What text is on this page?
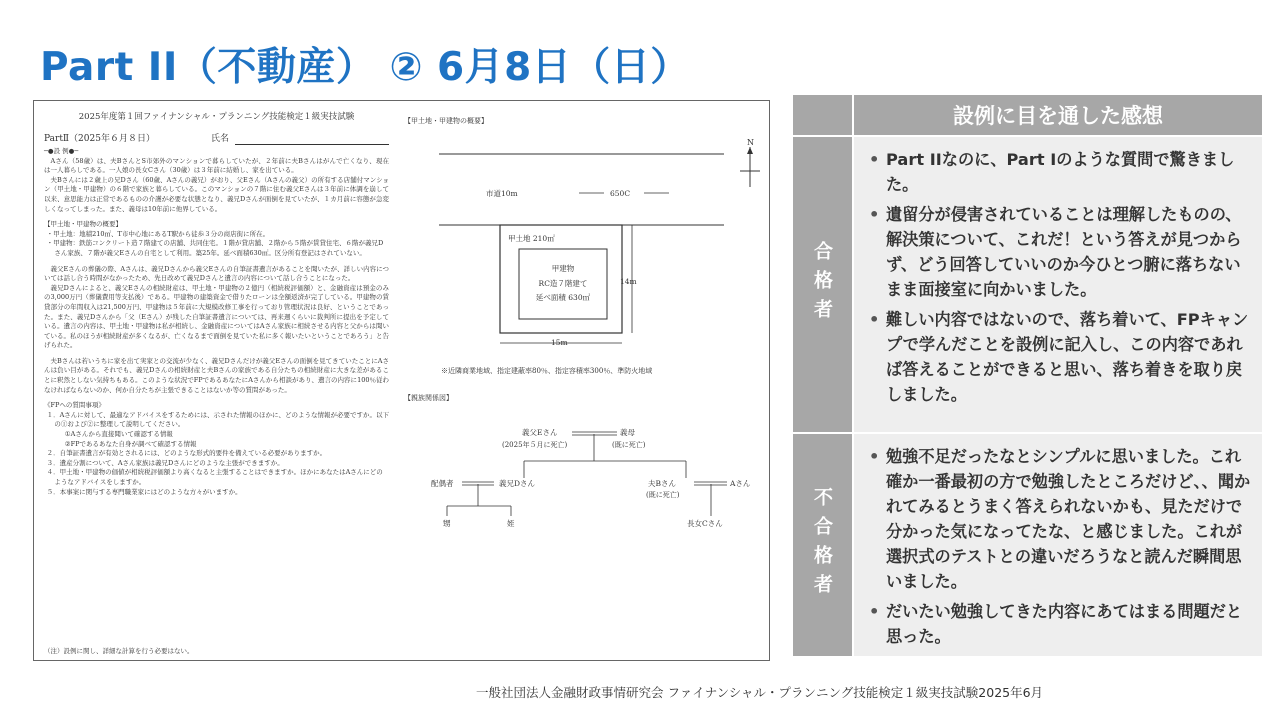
Part II（不動産） ② 6月8日（日）
2025年度第１回ファイナンシャル・プランニング技能検定１級実技試験
PartⅡ（2025年６月８日）	氏名
─●設 例●─

Aさん（58歳）は、夫BさんとS市郊外のマンションで暮らしていたが、２年前に夫Bさんはがんで亡くなり、現在は一人暮らしである。一人娘の長女Cさん（30歳）は３年前に結婚し、家を出ている。

夫Bさんには２歳上の兄Dさん（60歳、Aさんの義兄）がおり、父Eさん（Aさんの義父）の所有する店舗付マンション（甲土地・甲建物）の６階で家族と暮らしている。このマンションの７階に住む義父Eさんは３年前に体調を崩して以来、意思能力は正常であるものの介護が必要な状態となり、義兄Dさんが面倒を見ていたが、１カ月前に容態が急変しくなってしまった。また、義母は10年前に他界している。

【甲土地・甲建物の概要】
・甲土地：地積210㎡、T市中心地にあるT駅から徒歩３分の商店街に所在。
・甲建物：鉄筋コンクリート造７階建ての店舗、共同住宅。１階が貸店舗、２階から５階が賃貸住宅、６階が義兄Dさん家族、７階が義父Eさんの自宅として利用。築25年。延べ面積630㎡。区分所有登記はされていない。

義父Eさんの葬儀の際、Aさんは、義兄Dさんから義父Eさんの自筆証書遺言があることを聞いたが、詳しい内容については話し合う時間がなかったため、先日改めて義兄Dさんと遺言の内容について話し合うことになった。

義兄Dさんによると、義父Eさんの相続財産は、甲土地・甲建物の２億円（相続税評価額）と、金融資産は預金のみの3,000万円（葬儀費用等支払後）である。甲建物の建築資金で借りたローンは全額返済が完了している。甲建物の賃貸部分の年間収入は21,500万円、甲建物は５年前に大規模改修工事を行っており管理状況は良好、ということであった。また、義兄Dさんから「父（Eさん）が残した自筆証書遺言については、再来週くらいに裁判所に提出を予定している。遺言の内容は、甲土地・甲建物は私が相続し、金融資産についてはAさん家族に相続させる内容と父からは聞いている。私のほうが相続財産が多くなるが、亡くなるまで面倒を見ていた私に多く報いたいということであろう」と告げられた。

夫Bさんは若いうちに家を出て実家との交流が少なく、義兄Dさんだけが義父Eさんの面倒を見てきていたことにAさんは負い目がある。それでも、義兄Dさんの相続財産と夫Bさんの家族である自分たちの相続財産に大きな差があることに釈然としない気持ちもある。このような状況でFPであるあなたにAさんから相談があり、遺言の内容に100％従わなければならないのか、何か自分たちが主張できることはないか等の質問があった。

《FPへの質問事項》
１．Aさんに対して、最適なアドバイスをするためには、示された情報のほかに、どのような情報が必要ですか。以下の①および②に整理して説明してください。
①Aさんから直接聞いて確認する情報
②FPであるあなた自身が調べて確認する情報
２．自筆証書遺言が有効とされるには、どのような形式的要件を備えている必要がありますか。
３．遺産分割について、Aさん家族は義兄Dさんにどのような主張ができますか。
４．甲土地・甲建物の価値が相続税評価額より高くなると主張することはできますか。ほかにあなたはAさんにどのようなアドバイスをしますか。
５．本事案に関与する専門職業家にはどのような方々がいますか。
（注）設例に関し、詳細な計算を行う必要はない。
【甲土地・甲建物の概要】
N
市道10m	650C
甲土地 210㎡
甲建物
RC造７階建て
延べ面積 630㎡
14m
15m
※近隣商業地域、指定建蔽率80％、指定容積率300％、準防火地域
【親族関係図】
義父Eさん
(2025年５月に死亡)
義母
(既に死亡)
配偶者	義兄Dさん	夫Bさん
(既に死亡)
Aさん
甥	姪	長女Cさん
設例に目を通した感想
合格者
• Part IIなのに、Part Iのような質問で驚きました。
• 遺留分が侵害されていることは理解したものの、解決策について、これだ！という答えが見つからず、どう回答していいのか今ひとつ腑に落ちないまま面接室に向かいました。
• 難しい内容ではないので、落ち着いて、FPキャンプで学んだことを設例に記入し、この内容であれば答えることができると思い、落ち着きを取り戻しました。
不合格者
• 勉強不足だったなとシンプルに思いました。これ確か一番最初の方で勉強したところだけど、、聞かれてみるとうまく答えられないかも、見ただけで分かった気になってたな、と感じました。これが選択式のテストとの違いだろうなと読んだ瞬間思いました。
• だいたい勉強してきた内容にあてはまる問題だと思った。
一般社団法人金融財政事情研究会 ファイナンシャル・プランニング技能検定１級実技試験2025年6月
